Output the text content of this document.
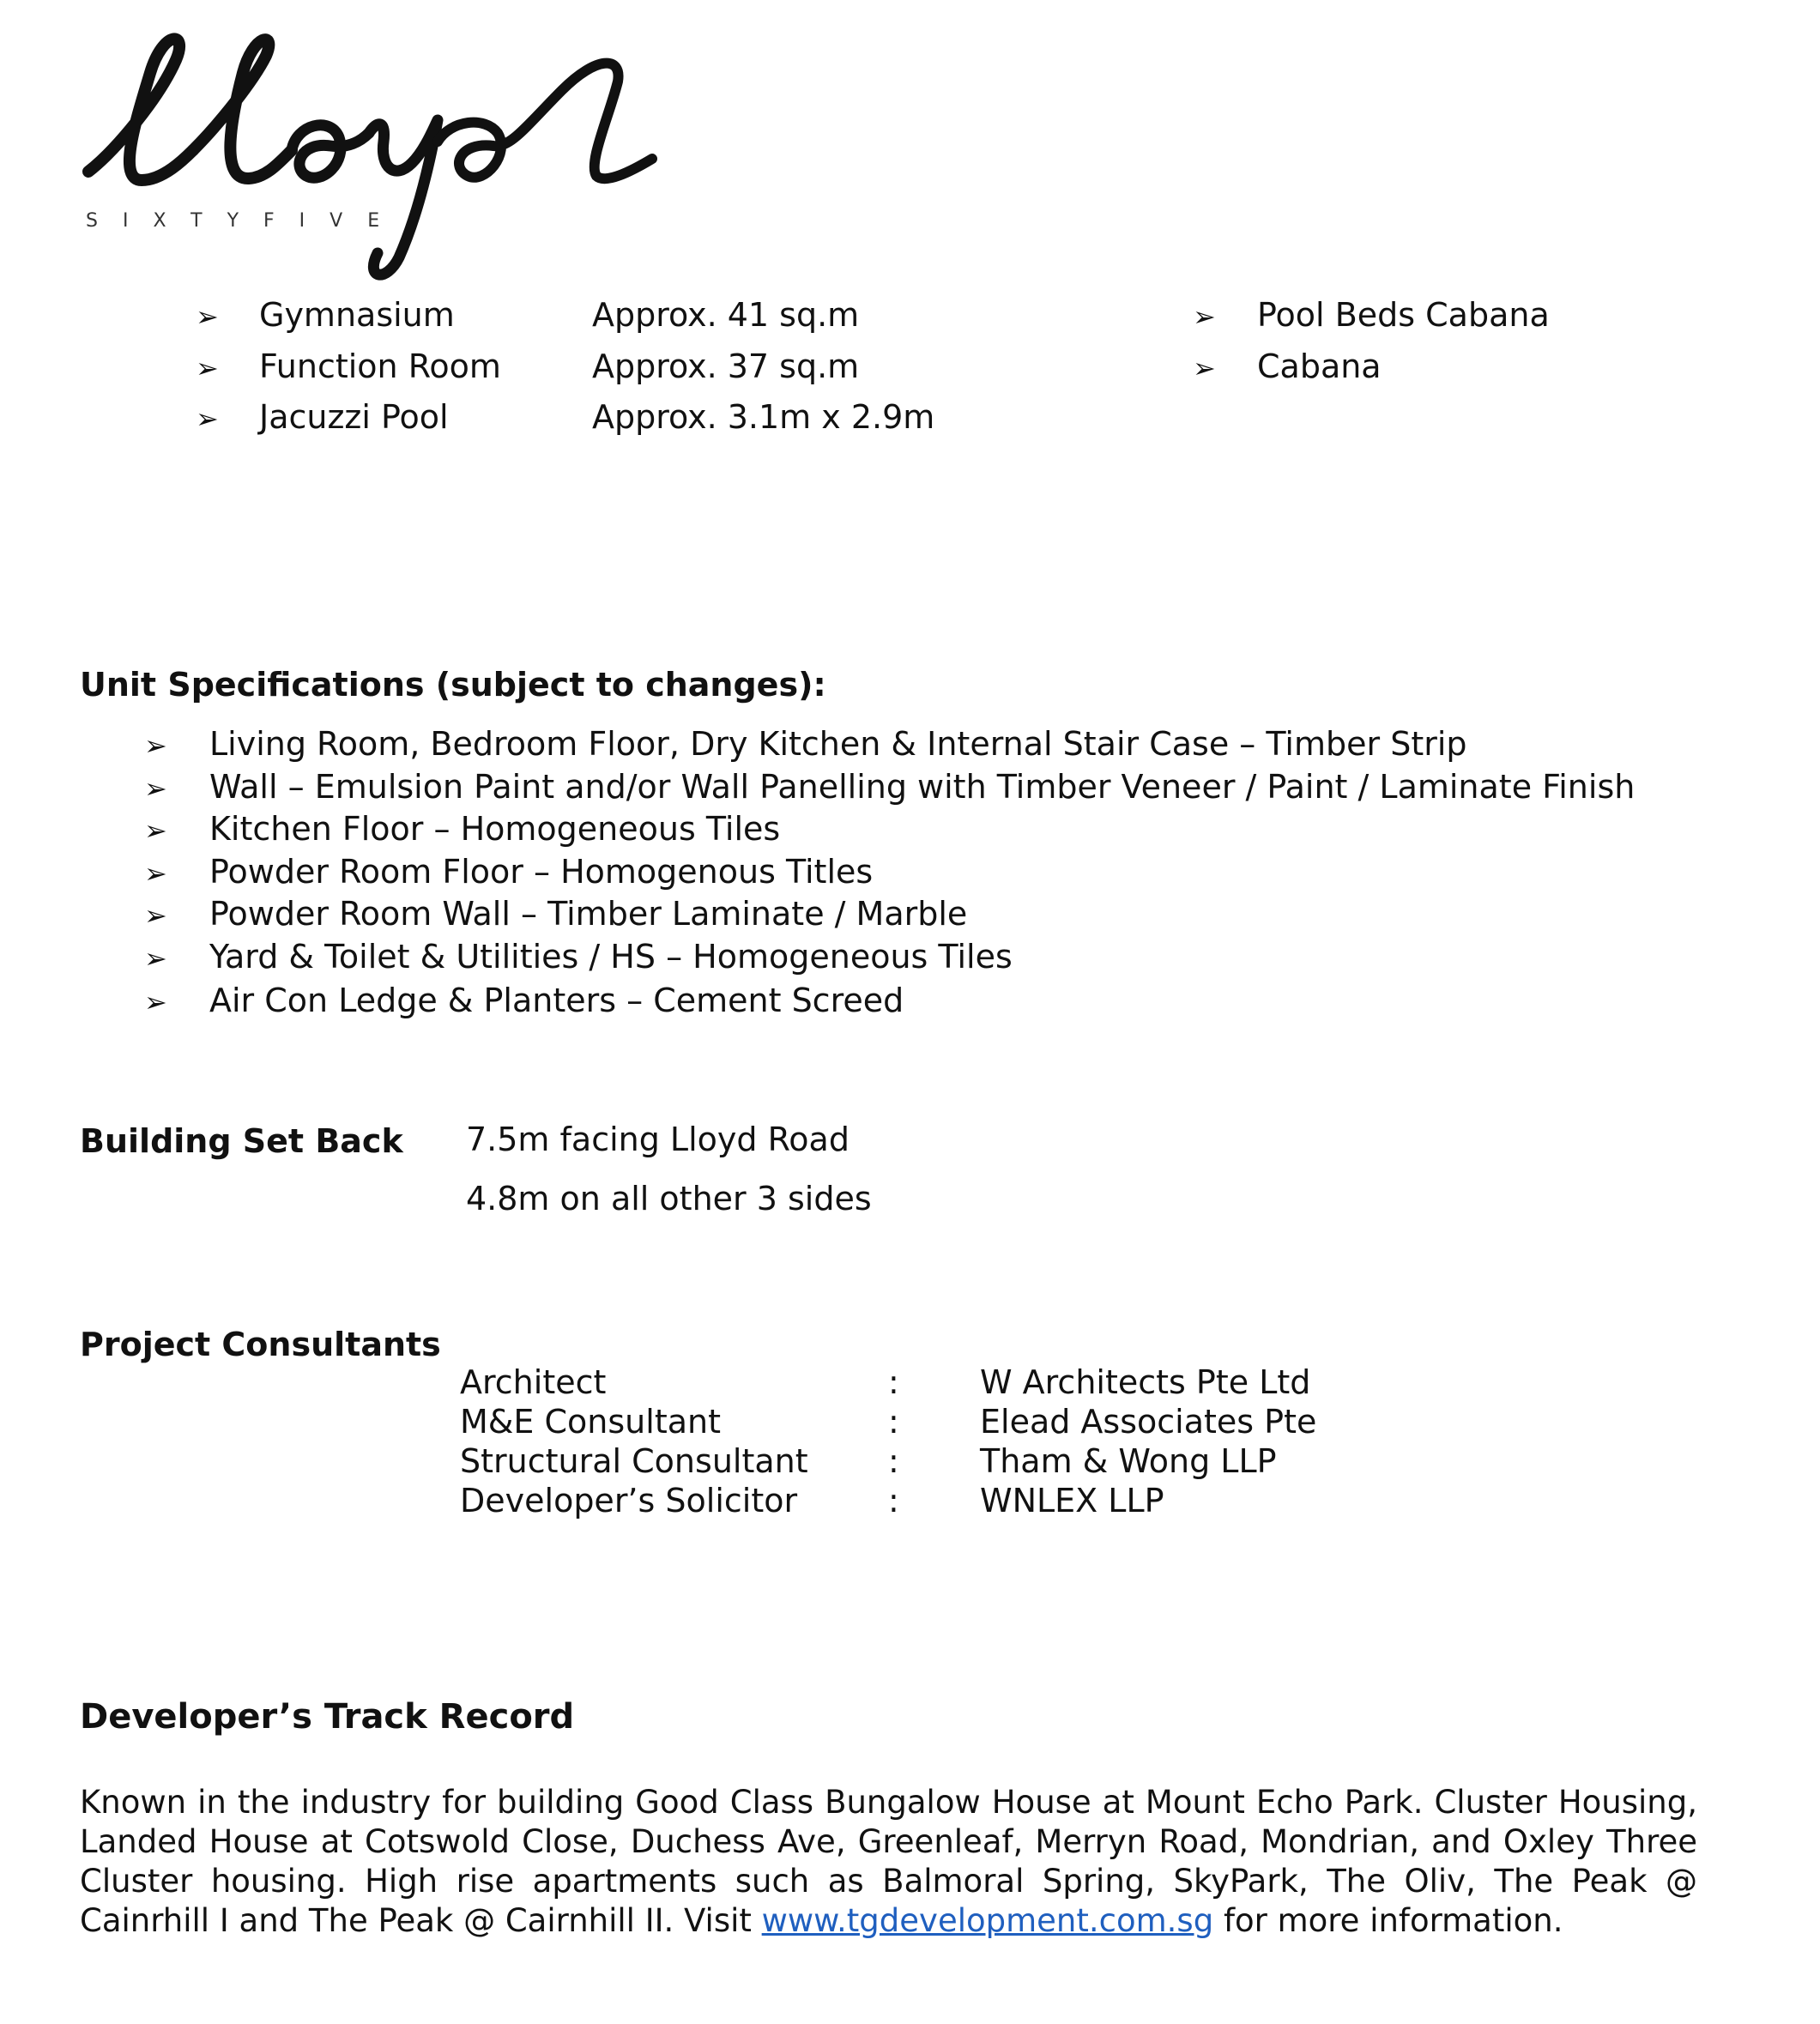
SIXTYFIVE
➢ Gymnasium	Approx. 41 sq.m
➢ Function Room	Approx. 37 sq.m
➢ Jacuzzi Pool	Approx. 3.1m x 2.9m
➢ Pool Beds Cabana
➢ Cabana
Unit Specifications (subject to changes):
➢ Living Room, Bedroom Floor, Dry Kitchen & Internal Stair Case – Timber Strip
➢ Wall – Emulsion Paint and/or Wall Panelling with Timber Veneer / Paint / Laminate Finish
➢ Kitchen Floor – Homogeneous Tiles
➢ Powder Room Floor – Homogenous Titles
➢ Powder Room Wall – Timber Laminate / Marble
➢ Yard & Toilet & Utilities / HS – Homogeneous Tiles
➢ Air Con Ledge & Planters – Cement Screed
Building Set Back 7.5m facing Lloyd Road
4.8m on all other 3 sides
Project Consultants
Architect	: W Architects Pte Ltd
M&E Consultant	: Elead Associates Pte
Structural Consultant : Tham & Wong LLP
Developer’s Solicitor	: WNLEX LLP
Developer’s Track Record
Known in the industry for building Good Class Bungalow House at Mount Echo Park. Cluster Housing, Landed House at Cotswold Close, Duchess Ave, Greenleaf, Merryn Road, Mondrian, and Oxley Three Cluster housing. High rise apartments such as Balmoral Spring, SkyPark, The Oliv, The Peak @ Cainrhill I and The Peak @ Cairnhill II. Visit www.tgdevelopment.com.sg for more information.
